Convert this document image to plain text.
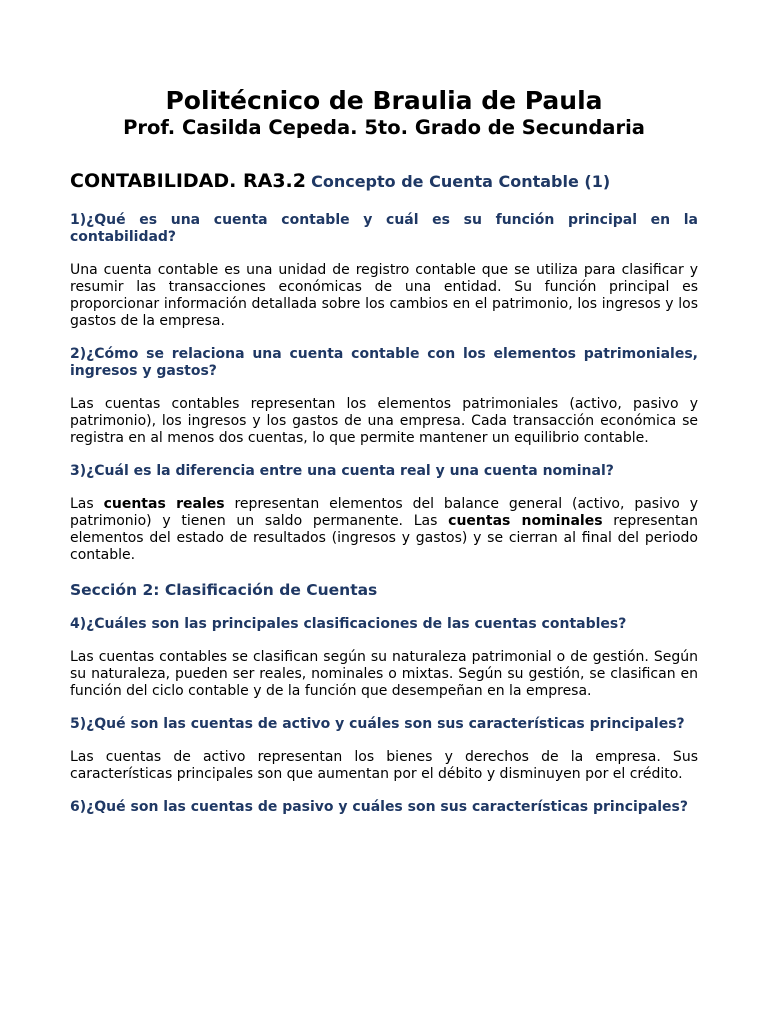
Politécnico de Braulia de Paula
Prof. Casilda Cepeda. 5to. Grado de Secundaria
CONTABILIDAD. RA3.2 Concepto de Cuenta Contable (1)

1)¿Qué es una cuenta contable y cuál es su función principal en la contabilidad?

Una cuenta contable es una unidad de registro contable que se utiliza para clasificar y resumir las transacciones económicas de una entidad. Su función principal es proporcionar información detallada sobre los cambios en el patrimonio, los ingresos y los gastos de la empresa.

2)¿Cómo se relaciona una cuenta contable con los elementos patrimoniales, ingresos y gastos?

Las cuentas contables representan los elementos patrimoniales (activo, pasivo y patrimonio), los ingresos y los gastos de una empresa. Cada transacción económica se registra en al menos dos cuentas, lo que permite mantener un equilibrio contable.

3)¿Cuál es la diferencia entre una cuenta real y una cuenta nominal?

Las cuentas reales representan elementos del balance general (activo, pasivo y patrimonio) y tienen un saldo permanente. Las cuentas nominales representan elementos del estado de resultados (ingresos y gastos) y se cierran al final del periodo contable.

Sección 2: Clasificación de Cuentas

4)¿Cuáles son las principales clasificaciones de las cuentas contables?

Las cuentas contables se clasifican según su naturaleza patrimonial o de gestión. Según su naturaleza, pueden ser reales, nominales o mixtas. Según su gestión, se clasifican en función del ciclo contable y de la función que desempeñan en la empresa.

5)¿Qué son las cuentas de activo y cuáles son sus características principales?

Las cuentas de activo representan los bienes y derechos de la empresa. Sus características principales son que aumentan por el débito y disminuyen por el crédito.

6)¿Qué son las cuentas de pasivo y cuáles son sus características principales?
